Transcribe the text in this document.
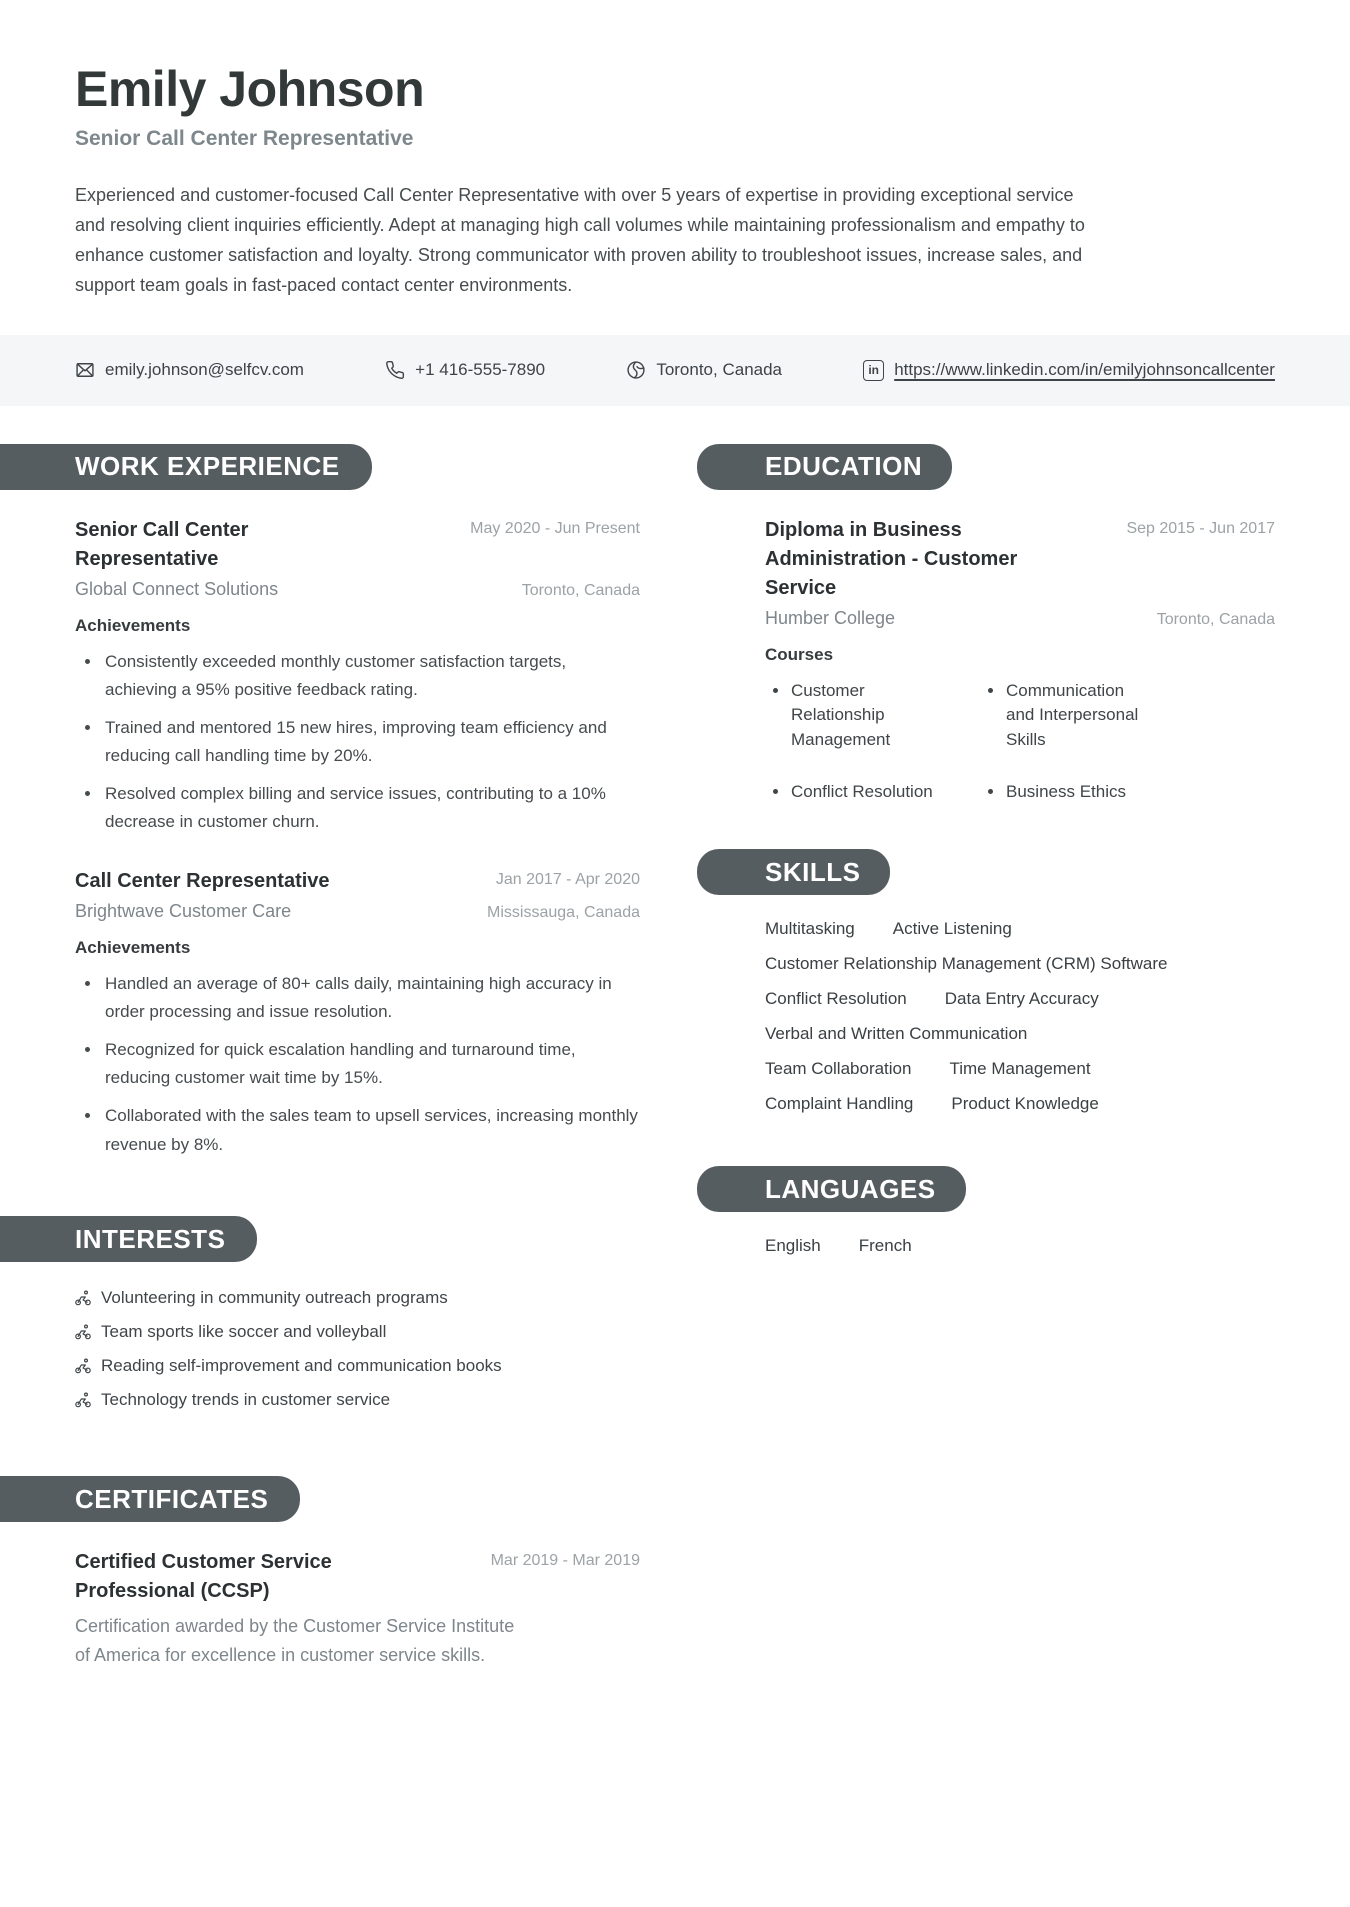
Emily Johnson
Senior Call Center Representative

Experienced and customer-focused Call Center Representative with over 5 years of expertise in providing exceptional service and resolving client inquiries efficiently. Adept at managing high call volumes while maintaining professionalism and empathy to enhance customer satisfaction and loyalty. Strong communicator with proven ability to troubleshoot issues, increase sales, and support team goals in fast-paced contact center environments.

emily.johnson@selfcv.com	+1 416-555-7890	Toronto, Canada	in https://www.linkedin.com/in/emilyjohnsoncallcenter
WORK EXPERIENCE
Senior Call Center Representative
Global Connect Solutions
May 2020 - Jun Present
Toronto, Canada
Achievements
Consistently exceeded monthly customer satisfaction targets, achieving a 95% positive feedback rating.
Trained and mentored 15 new hires, improving team efficiency and reducing call handling time by 20%.
Resolved complex billing and service issues, contributing to a 10% decrease in customer churn.
Call Center Representative
Brightwave Customer Care
Jan 2017 - Apr 2020
Mississauga, Canada
Achievements
Handled an average of 80+ calls daily, maintaining high accuracy in order processing and issue resolution.
Recognized for quick escalation handling and turnaround time, reducing customer wait time by 15%.
Collaborated with the sales team to upsell services, increasing monthly revenue by 8%.
INTERESTS
Volunteering in community outreach programs
Team sports like soccer and volleyball
Reading self-improvement and communication books
Technology trends in customer service
CERTIFICATES
Certified Customer Service Professional (CCSP)
Mar 2019 - Mar 2019

Certification awarded by the Customer Service Institute of America for excellence in customer service skills.

EDUCATION
Diploma in Business Administration - Customer Service
Humber College
Sep 2015 - Jun 2017
Toronto, Canada
Courses
Customer Relationship Management
Communication and Interpersonal Skills
Conflict Resolution	Business Ethics
SKILLS
Multitasking Active Listening
Customer Relationship Management (CRM) Software
Conflict Resolution Data Entry Accuracy
Verbal and Written Communication
Team Collaboration Time Management
Complaint Handling Product Knowledge
LANGUAGES
English French
